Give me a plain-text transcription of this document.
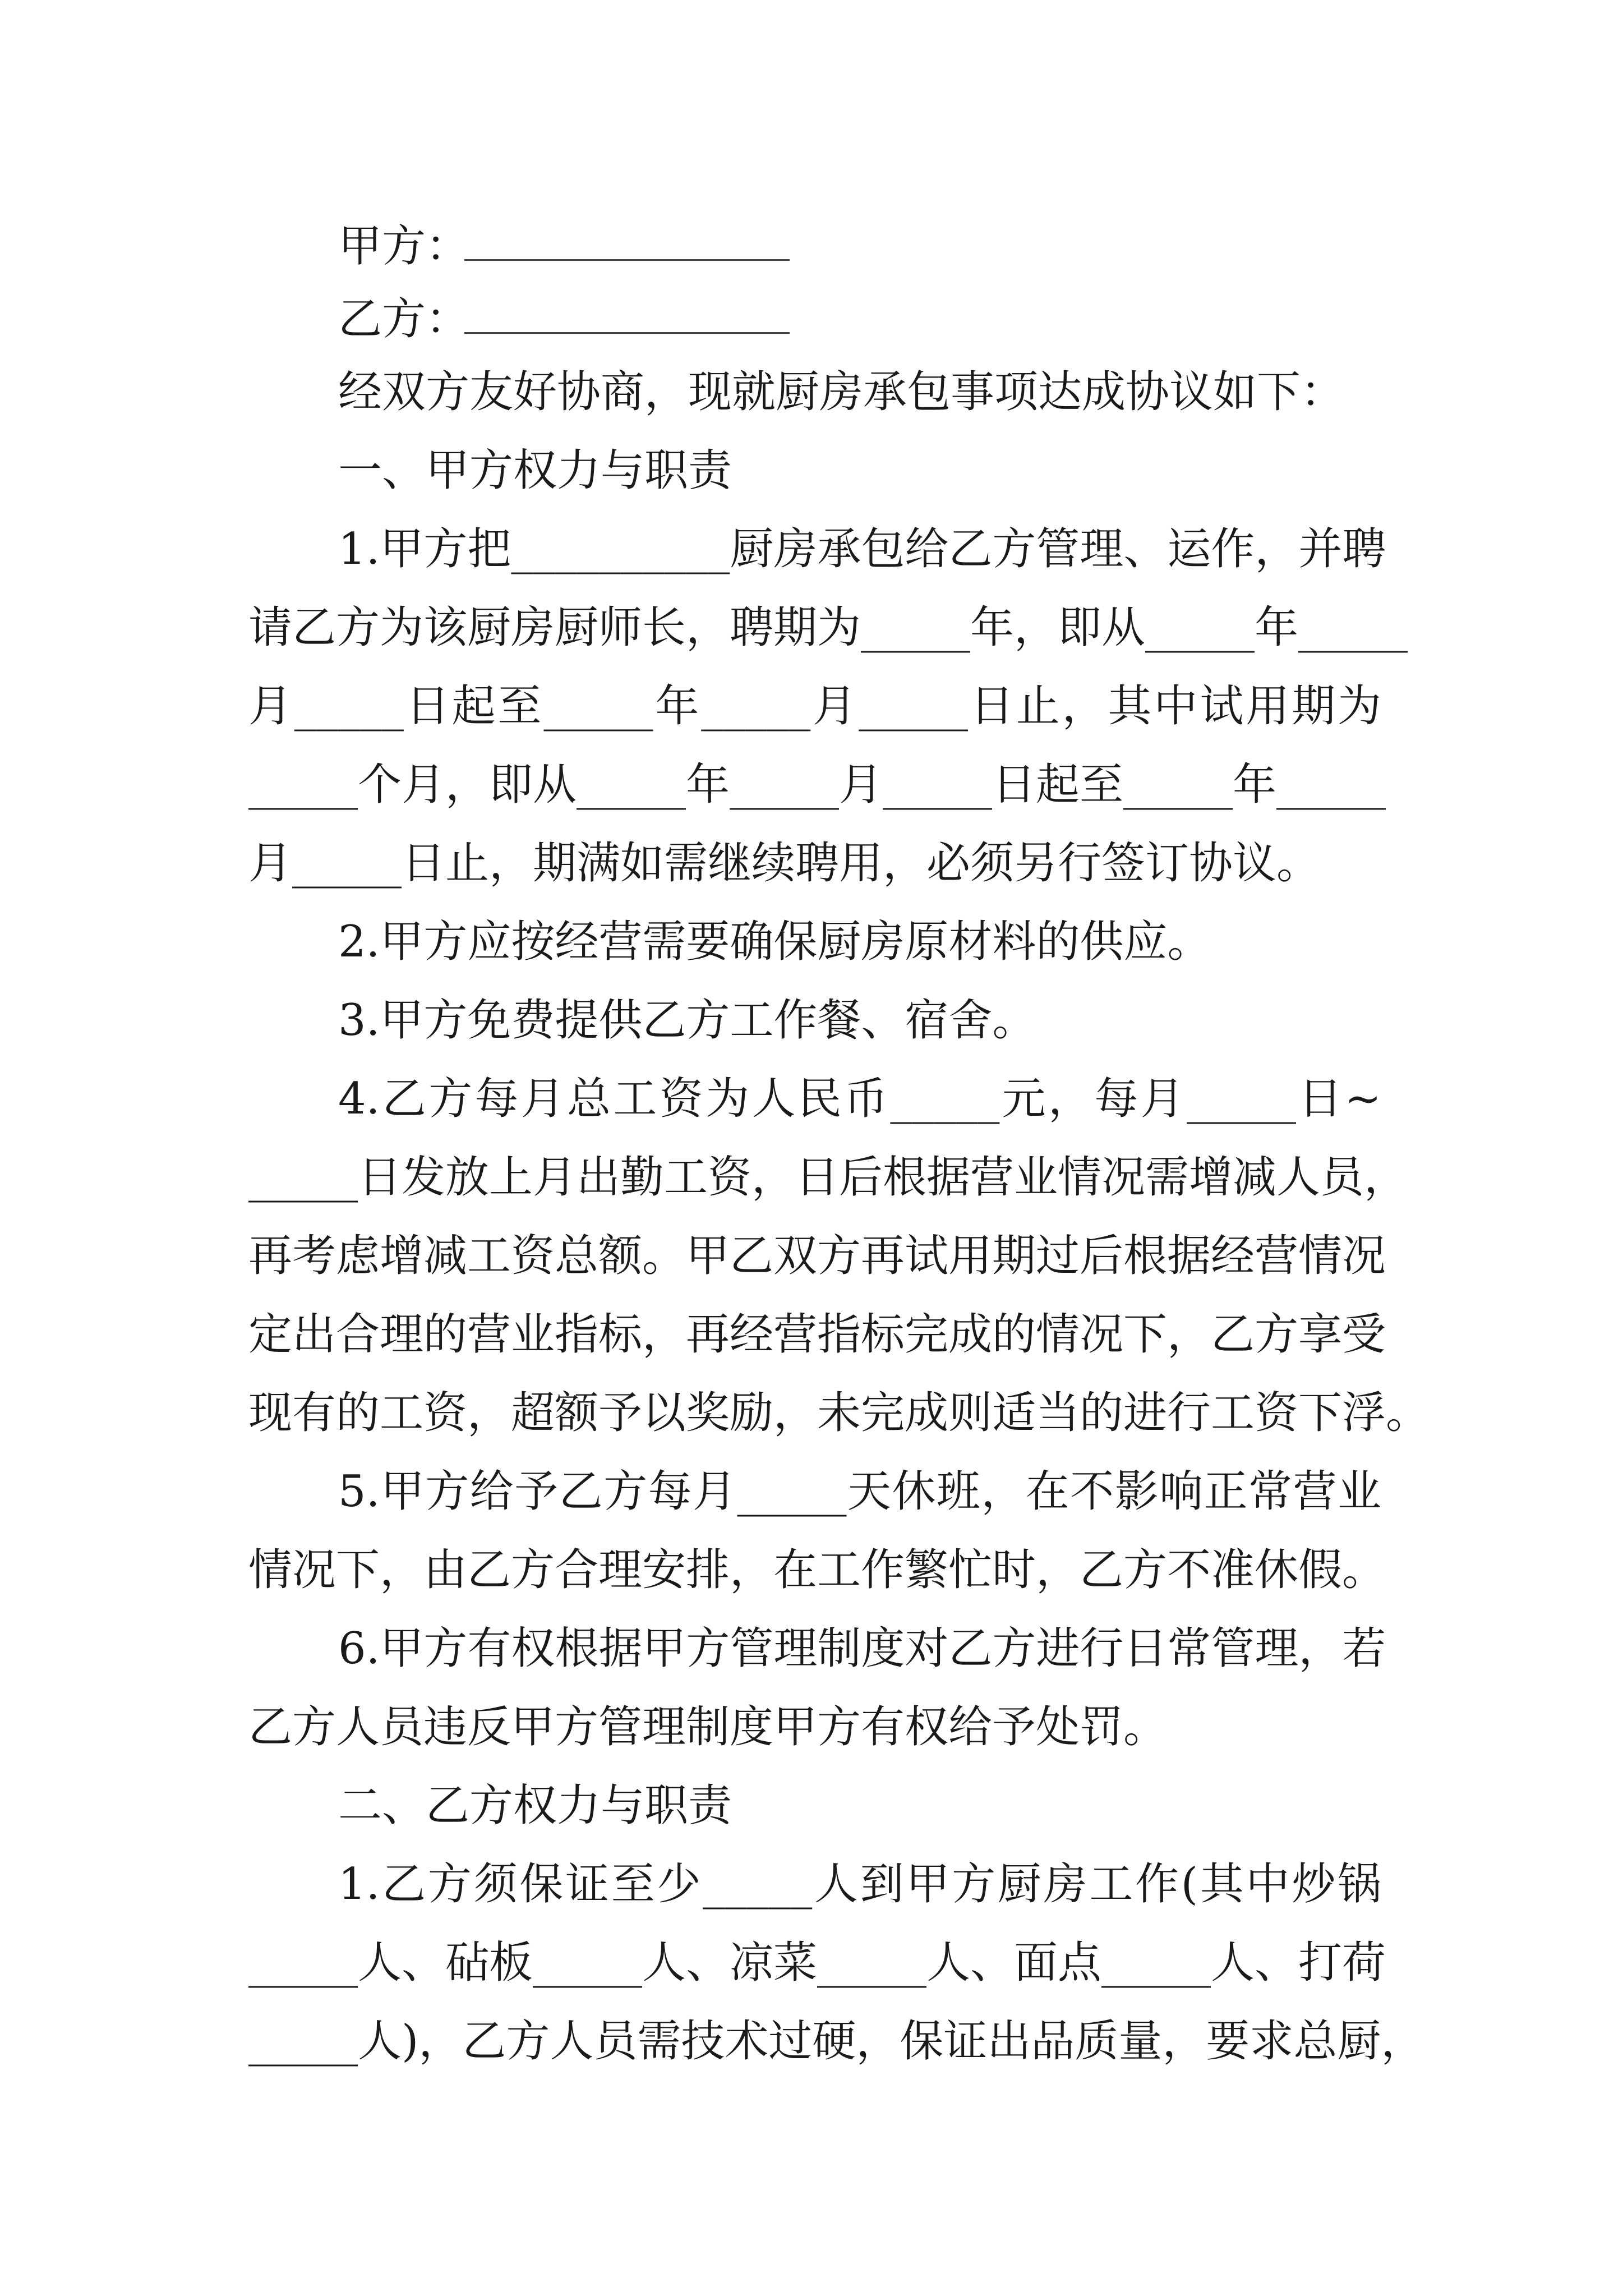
甲方：
乙方：
经双方友好协商，现就厨房承包事项达成协议如下：
一、甲方权力与职责
1.甲方把__________厨房承包给乙方管理、运作，并聘
请乙方为该厨房厨师长，聘期为_____年，即从_____年_____
月_____日起至_____年_____月_____日止，其中试用期为
_____个月，即从_____年_____月_____日起至_____年_____
月_____日止，期满如需继续聘用，必须另行签订协议。
2.甲方应按经营需要确保厨房原材料的供应。
3.甲方免费提供乙方工作餐、宿舍。
4.乙方每月总工资为人民币_____元，每月_____日~
_____日发放上月出勤工资，日后根据营业情况需增减人员，
再考虑增减工资总额。甲乙双方再试用期过后根据经营情况
定出合理的营业指标，再经营指标完成的情况下，乙方享受
现有的工资，超额予以奖励，未完成则适当的进行工资下浮。
5.甲方给予乙方每月_____天休班，在不影响正常营业
情况下，由乙方合理安排，在工作繁忙时，乙方不准休假。
6.甲方有权根据甲方管理制度对乙方进行日常管理，若
乙方人员违反甲方管理制度甲方有权给予处罚。
二、乙方权力与职责
1.乙方须保证至少_____人到甲方厨房工作(其中炒锅
_____人、砧板_____人、凉菜_____人、面点_____人、打荷
_____人)，乙方人员需技术过硬，保证出品质量，要求总厨，
